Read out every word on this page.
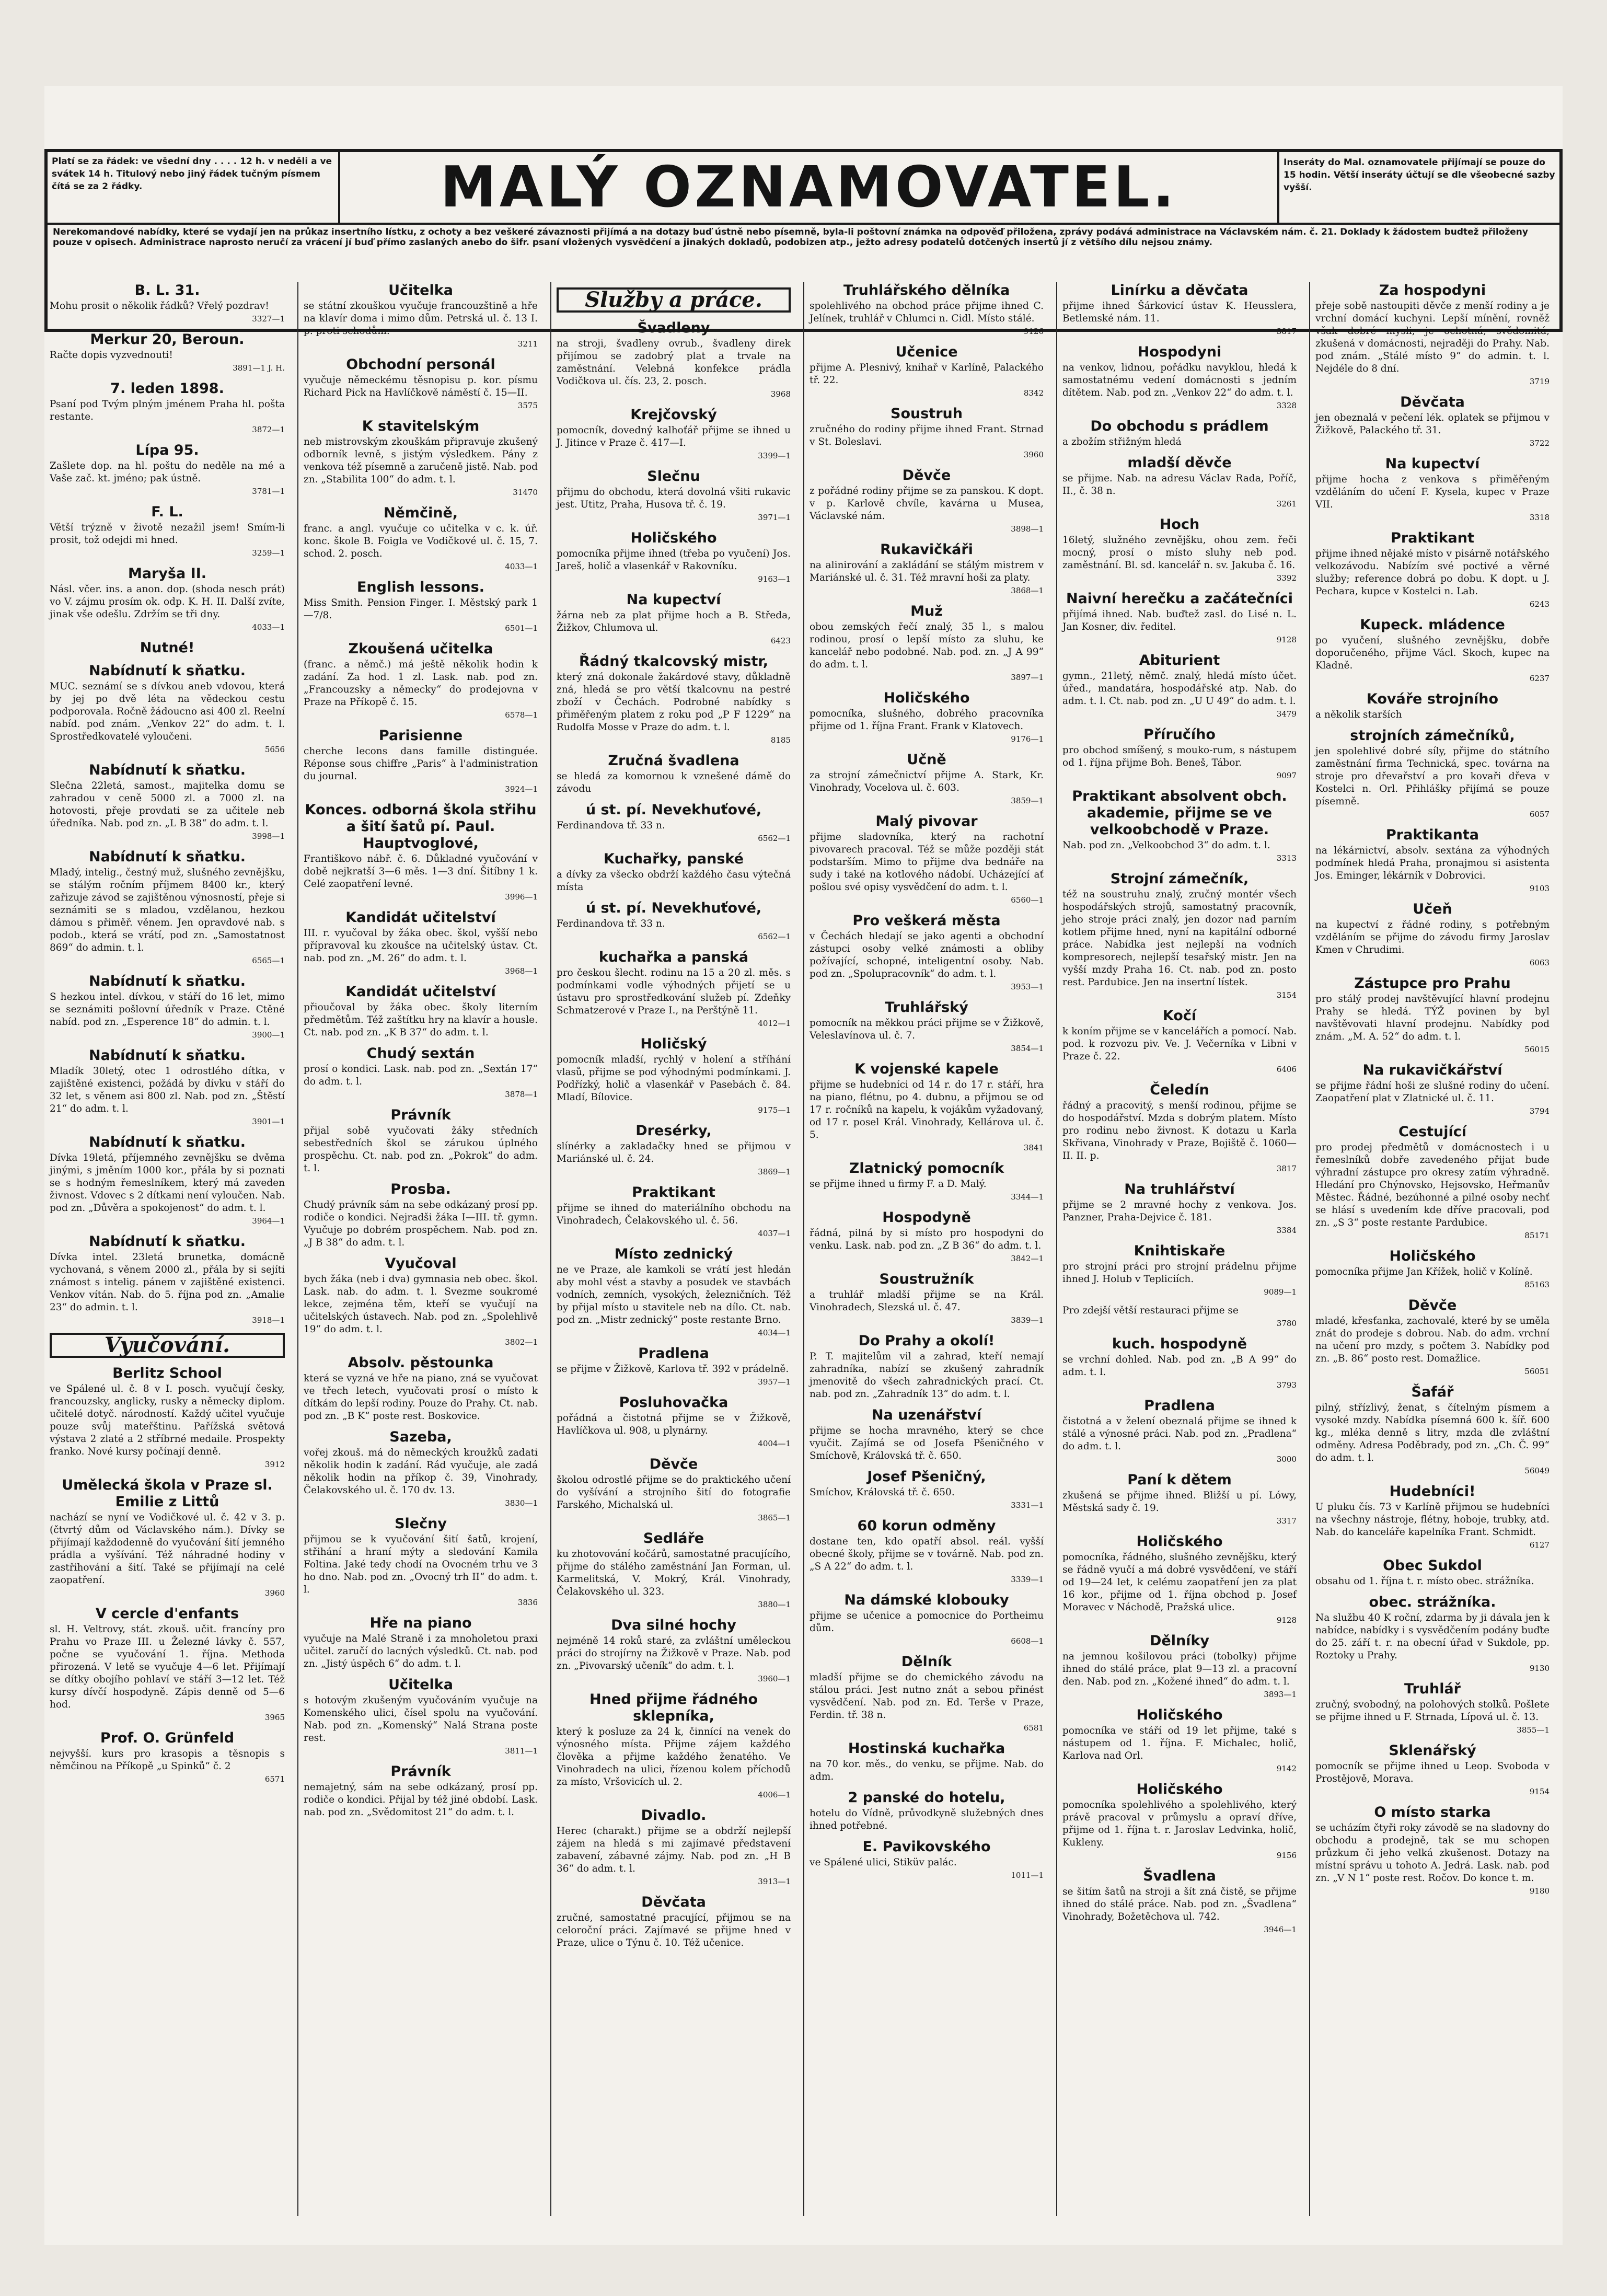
Platí se za řádek: ve všední dny . . . . 12 h. v neděli a ve svátek 14 h. Titulový nebo jiný řádek tučným písmem čítá se za 2 řádky.	MALÝ OZNAMOVATEL.	Inseráty do Mal. oznamovatele přijímají se pouze do 15 hodin. Větší inseráty účtují se dle všeobecné sazby vyšší.
Nerekomandové nabídky, které se vydají jen na průkaz insertního lístku, z ochoty a bez veškeré závaznosti přijímá a na dotazy buď ústně nebo písemně, byla-li poštovní známka na odpověď přiložena, zprávy podává administrace na Václavském nám. č. 21. Doklady k žádostem budtež přiloženy pouze v opisech. Administrace naprosto neručí za vrácení jí buď přímo zaslaných anebo do šifr. psaní vložených vysvědčení a jinakých dokladů, podobizen atp., ježto adresy podatelů dotčených insertů jí z většího dílu nejsou známy.
B. L. 31.
Mohu prosit o několik řádků? Vřelý pozdrav!
3327—1
Merkur 20, Beroun.
Račte dopis vyzvednouti!
3891—1 J. H.
7. leden 1898.
Psaní pod Tvým plným jménem Praha hl. pošta restante.
3872—1
Lípa 95.
Zašlete dop. na hl. poštu do neděle na mé a Vaše zač. kt. jméno; pak ústně.
3781—1
F. L.
Větší trýzně v životě nezažil jsem! Smím-li prosit, tož odejdi mi hned.
3259—1
Maryša II.
Násl. včer. ins. a anon. dop. (shoda nesch prát) vo V. zájmu prosím ok. odp. K. H. II. Další zvíte, jinak vše odešlu. Zdržím se tři dny.
4033—1
Nutné!
Nabídnutí k sňatku.
MUC. seznámí se s dívkou aneb vdovou, která by jej po dvě léta na vědeckou cestu podporovala. Ročně žádoucno asi 400 zl. Reelní nabíd. pod znám. „Venkov 22“ do adm. t. l. Sprostředkovatelé vyloučeni.
5656
Nabídnutí k sňatku.
Slečna 22letá, samost., majitelka domu se zahradou v ceně 5000 zl. a 7000 zl. na hotovosti, přeje provdati se za učitele neb úředníka. Nab. pod zn. „L B 38“ do adm. t. l.
3998—1
Nabídnutí k sňatku.
Mladý, intelig., čestný muž, slušného zevnějšku, se stálým ročním příjmem 8400 kr., který zařizuje závod se zajištěnou výnosností, přeje si seznámiti se s mladou, vzdělanou, hezkou dámou s přiměř. věnem. Jen opravdové nab. s podob., která se vrátí, pod zn. „Samostatnost 869“ do admin. t. l.
6565—1
Nabídnutí k sňatku.
S hezkou intel. dívkou, v stáří do 16 let, mimo se seznámiti pošlovní úředník v Praze. Ctěné nabíd. pod zn. „Esperence 18“ do admin. t. l.
3900—1
Nabídnutí k sňatku.
Mladík 30letý, otec 1 odrostlého dítka, v zajištěné existenci, požádá by dívku v stáří do 32 let, s věnem asi 800 zl. Nab. pod zn. „Štěstí 21“ do adm. t. l.
3901—1
Nabídnutí k sňatku.
Dívka 19letá, příjemného zevnějšku se dvěma jinými, s jměním 1000 kor., přála by si poznati se s hodným řemeslníkem, který má zaveden živnost. Vdovec s 2 dítkami není vyloučen. Nab. pod zn. „Důvěra a spokojenost“ do adm. t. l.
3964—1
Nabídnutí k sňatku.
Dívka intel. 23letá brunetka, domácně vychovaná, s věnem 2000 zl., přála by si sejíti známost s intelig. pánem v zajištěné existenci. Venkov vítán. Nab. do 5. října pod zn. „Amalie 23“ do admin. t. l.
3918—1
Vyučování.
Berlitz School
ve Spálené ul. č. 8 v I. posch. vyučují česky, francouzsky, anglicky, rusky a německy diplom. učitelé dotyč. národností. Každý učitel vyučuje pouze svůj mateřštinu. Pařížská světová výstava 2 zlaté a 2 stříbrné medaile. Prospekty franko. Nové kursy počínají denně.
3912
Umělecká škola v Praze sl. Emilie z Littů
nachází se nyní ve Vodičkové ul. č. 42 v 3. p. (čtvrtý dům od Václavského nám.). Dívky se přijímají každodenně do vyučování šití jemného prádla a vyšívání. Též náhradné hodiny v zastřihování a šití. Také se přijímají na celé zaopatření.
3960
V cercle d'enfants
sl. H. Veltrovy, stát. zkouš. učit. francíny pro Prahu vo Praze III. u Železné lávky č. 557, počne se vyučování 1. října. Methoda přirozená. V letě se vyučuje 4—6 let. Přijímají se dítky obojího pohlaví ve stáří 3—12 let. Též kursy dívčí hospodyně. Zápis denně od 5—6 hod.
3965
Prof. O. Grünfeld
nejvyšší. kurs pro krasopis a těsnopis s němčinou na Příkopě „u Spinků“ č. 2
6571
Učitelka
se státní zkouškou vyučuje francouzštině a hře na klavír doma i mimo dům. Petrská ul. č. 13 I. p. proti schodům.
3211
Obchodní personál
vyučuje německému těsnopisu p. kor. písmu Richard Pick na Havlíčkově náměstí č. 15—II.
3575
K stavitelským
neb mistrovským zkouškám připravuje zkušený odborník levně, s jistým výsledkem. Pány z venkova též písemně a zaručeně jistě. Nab. pod zn. „Stabilita 100“ do adm. t. l.
31470
Němčině,
franc. a angl. vyučuje co učitelka v c. k. úř. konc. škole B. Foigla ve Vodičkové ul. č. 15, 7. schod. 2. posch.
4033—1
English lessons.
Miss Smith. Pension Finger. I. Městský park 1—7/8.
6501—1
Zkoušená učitelka
(franc. a němč.) má ještě několik hodin k zadání. Za hod. 1 zl. Lask. nab. pod zn. „Francouzsky a německy“ do prodejovna v Praze na Příkopě č. 15.
6578—1
Parisienne
cherche lecons dans famille distinguée. Réponse sous chiffre „Paris“ à l'administration du journal.
3924—1
Konces. odborná škola střihu a šití šatů pí. Paul. Hauptvoglové,
Františkovo nábř. č. 6. Důkladné vyučování v době nejkratší 3—6 měs. 1—3 dní. Šitíbny 1 k. Celé zaopatření levné.
3996—1
Kandidát učitelství
III. r. vyučoval by žáka obec. škol, vyšší nebo přípravoval ku zkoušce na učitelský ústav. Ct. nab. pod zn. „M. 26“ do adm. t. l.
3968—1
Kandidát učitelství
přioučoval by žáka obec. školy literním předmětům. Též zaštítku hry na klavír a housle. Ct. nab. pod zn. „K B 37“ do adm. t. l.
Chudý sextán
prosí o kondici. Lask. nab. pod zn. „Sextán 17“ do adm. t. l.
3878—1
Právník
přijal sobě vyučovati žáky středních sebestředních škol se zárukou úplného prospěchu. Ct. nab. pod zn. „Pokrok“ do adm. t. l.
Prosba.
Chudý právník sám na sebe odkázaný prosí pp. rodiče o kondici. Nejradši žáka I—III. tř. gymn. Vyučuje po dobrém prospěchem. Nab. pod zn. „J B 38“ do adm. t. l.
Vyučoval
bych žáka (neb i dva) gymnasia neb obec. škol. Lask. nab. do adm. t. l. Svezme soukromé lekce, zejména těm, kteří se vyučují na učitelských ústavech. Nab. pod zn. „Spolehlivě 19“ do adm. t. l.
3802—1
Absolv. pěstounka
která se vyzná ve hře na piano, zná se vyučovat ve třech letech, vyučovati prosí o místo k dítkám do lepší rodiny. Pouze do Prahy. Ct. nab. pod zn. „B K“ poste rest. Boskovice.
Sazeba,
vořej zkouš. má do německých kroužků zadati několik hodin k zadání. Rád vyučuje, ale zadá několik hodin na příkop č. 39, Vinohrady, Čelakovského ul. č. 170 dv. 13.
3830—1
Slečny
přijmou se k vyučování šití šatů, krojení, střihání a hraní mýty a sledování Kamila Foltina. Jaké tedy chodí na Ovocném trhu ve 3 ho dno. Nab. pod zn. „Ovocný trh II“ do adm. t. l.
3836
Hře na piano
vyučuje na Malé Straně i za mnoholetou praxi učitel. zaručí do lacných výsledků. Ct. nab. pod zn. „Jistý úspěch 6“ do adm. t. l.
Učitelka
s hotovým zkušeným vyučováním vyučuje na Komenského ulici, čísel spolu na vyučování. Nab. pod zn. „Komenský“ Nalá Strana poste rest.
3811—1
Právník
nemajetný, sám na sebe odkázaný, prosí pp. rodiče o kondici. Přijal by též jiné období. Lask. nab. pod zn. „Svědomitost 21“ do adm. t. l.
Služby a práce.
Švadleny
na stroji, švadleny ovrub., švadleny direk přijímou se zadobrý plat a trvale na zaměstnání. Velebná konfekce prádla Vodičkova ul. čís. 23, 2. posch.
3968
Krejčovský
pomocník, dovedný kalhoťář přijme se ihned u J. Jitince v Praze č. 417—I.
3399—1
Slečnu
přijmu do obchodu, která dovolná všiti rukavic jest. Utitz, Praha, Husova tř. č. 19.
3971—1
Holičského
pomocníka přijme ihned (třeba po vyučení) Jos. Jareš, holič a vlasenkář v Rakovníku.
9163—1
Na kupectví
žárna neb za plat přijme hoch a B. Středa, Žižkov, Chlumova ul.
6423
Řádný tkalcovský mistr,
který zná dokonale žakárdové stavy, důkladně zná, hledá se pro větší tkalcovnu na pestré zboží v Čechách. Podrobné nabídky s přiměřeným platem z roku pod „P F 1229“ na Rudolfa Mosse v Praze do adm. t. l.
8185
Zručná švadlena
se hledá za komornou k vznešené dámě do závodu
ú st. pí. Nevekhuťové,
Ferdinandova tř. 33 n.
6562—1
Kuchařky, panské
a dívky za všecko obdrží každého času výtečná místa
ú st. pí. Nevekhuťové,
Ferdinandova tř. 33 n.
6562—1
kuchařka a panská
pro českou šlecht. rodinu na 15 a 20 zl. měs. s podmínkami vodle výhodných přijetí se u ústavu pro sprostředkování služeb pí. Zdeňky Schmatzerové v Praze I., na Perštýně 11.
4012—1
Holičský
pomocník mladší, rychlý v holení a stříhání vlasů, přijme se pod výhodnými podmínkami. J. Podřízký, holič a vlasenkář v Pasebách č. 84. Mladí, Bílovice.
9175—1
Dresérky,
slínérky a zakladačky hned se přijmou v Mariánské ul. č. 24.
3869—1
Praktikant
přijme se ihned do materiálního obchodu na Vinohradech, Čelakovského ul. č. 56.
4037—1
Místo zednický
ne ve Praze, ale kamkoli se vrátí jest hledán aby mohl vést a stavby a posudek ve stavbách vodních, zemních, vysokých, železničních. Též by přijal místo u stavitele neb na dílo. Ct. nab. pod zn. „Mistr zednický“ poste restante Brno.
4034—1
Pradlena
se přijme v Žižkově, Karlova tř. 392 v prádelně.
3957—1
Posluhovačka
pořádná a čistotná přijme se v Žižkově, Havlíčkova ul. 908, u plynárny.
4004—1
Děvče
školou odrostlé přijme se do praktického učení do vyšívání a strojního šití do fotografie Farského, Michalská ul.
3865—1
Sedláře
ku zhotovování kočárů, samostatné pracujícího, přijme do stálého zaměstnání Jan Forman, ul. Karmelitská, V. Mokrý, Král. Vinohrady, Čelakovského ul. 323.
3880—1
Dva silné hochy
nejméně 14 roků staré, za zvláštní uměleckou práci do strojírny na Žižkově v Praze. Nab. pod zn. „Pivovarský učeník“ do adm. t. l.
3960—1
Hned přijme řádného sklepníka,
který k posluze za 24 k, činnící na venek do výnosného místa. Přijme zájem každého člověka a přijme každého ženatého. Ve Vinohradech na ulici, řízenou kolem příchodů za místo, Vršovicích ul. 2.
4006—1
Divadlo.
Herec (charakt.) přijme se a obdrží nejlepší zájem na hledá s mi zajímavé představení zabavení, zábavné zájmy. Nab. pod zn. „H B 36“ do adm. t. l.
3913—1
Děvčata
zručné, samostatné pracující, přijmou se na celoroční práci. Zajímavé se přijme hned v Praze, ulice o Týnu č. 10. Též učenice.
Truhlářského dělníka
spolehlivého na obchod práce přijme ihned C. Jelínek, truhlář v Chlumci n. Cidl. Místo stálé.
9126
Učenice
přijme A. Plesnivý, knihař v Karlíně, Palackého tř. 22.
8342
Soustruh
zručného do rodiny přijme ihned Frant. Strnad v St. Boleslavi.
3960
Děvče
z pořádné rodiny přijme se za panskou. K dopt. v p. Karlově chvíle, kavárna u Musea, Václavské nám.
3898—1
Rukavičkáři
na alinirování a zakládání se stálým mistrem v Mariánské ul. č. 31. Též mravní hoši za platy.
3868—1
Muž
obou zemských řečí znalý, 35 l., s malou rodinou, prosí o lepší místo za sluhu, ke kancelář nebo podobné. Nab. pod. zn. „J A 99“ do adm. t. l.
3897—1
Holičského
pomocníka, slušného, dobrého pracovníka přijme od 1. října Frant. Frank v Klatovech.
9176—1
Učně
za strojní zámečnictví přijme A. Stark, Kr. Vinohrady, Vocelova ul. č. 603.
3859—1
Malý pivovar
přijme sladovníka, který na rachotní pivovarech pracoval. Též se může později stát podstarším. Mimo to přijme dva bednáře na sudy i také na kotlového nádobí. Ucházející ať pošlou své opisy vysvědčení do adm. t. l.
6560—1
Pro veškerá města
v Čechách hledají se jako agenti a obchodní zástupci osoby velké známosti a obliby požívající, schopné, inteligentní osoby. Nab. pod zn. „Spolupracovník“ do adm. t. l.
3953—1
Truhlářský
pomocník na měkkou práci přijme se v Žižkově, Veleslavínova ul. č. 7.
3854—1
K vojenské kapele
přijme se hudebníci od 14 r. do 17 r. stáří, hra na piano, flétnu, po 4. dubnu, a přijmou se od 17 r. ročníků na kapelu, k vojákům vyžadovaný, od 17 r. posel Král. Vinohrady, Kellárova ul. č. 5.
3841
Zlatnický pomocník
se přijme ihned u firmy F. a D. Malý.
3344—1
Hospodyně
řádná, pilná by si místo pro hospodyni do venku. Lask. nab. pod zn. „Z B 36“ do adm. t. l.
3842—1
Soustružník
a truhlář mladší přijme se na Král. Vinohradech, Slezská ul. č. 47.
3839—1
Do Prahy a okolí!
P. T. majitelům vil a zahrad, kteří nemají zahradníka, nabízí se zkušený zahradník jmenovitě do všech zahradnických prací. Ct. nab. pod zn. „Zahradník 13“ do adm. t. l.
Na uzenářství
přijme se hocha mravného, který se chce vyučit. Zajímá se od Josefa Pšeničného v Smíchově, Královská tř. č. 650.
Josef Pšeničný,
Smíchov, Královská tř. č. 650.
3331—1
60 korun odměny
dostane ten, kdo opatří absol. reál. vyšší obecné školy, přijme se v továrně. Nab. pod zn. „S A 22“ do adm. t. l.
3339—1
Na dámské klobouky
přijme se učenice a pomocnice do Portheimu dům.
6608—1
Dělník
mladší přijme se do chemického závodu na stálou práci. Jest nutno znát a sebou přinést vysvědčení. Nab. pod zn. Ed. Terše v Praze, Ferdin. tř. 38 n.
6581
Hostinská kuchařka
na 70 kor. měs., do venku, se přijme. Nab. do adm.
2 panské do hotelu,
hotelu do Vídně, průvodkyně služebných dnes ihned potřebné.
E. Pavikovského
ve Spálené ulici, Stiküv palác.
1011—1
Linírku a děvčata
přijme ihned Šárkovicí ústav K. Heusslera, Betlemské nám. 11.
3817
Hospodyni
na venkov, lidnou, pořádku navyklou, hledá k samostatnému vedení domácnosti s jedním dítětem. Nab. pod zn. „Venkov 22“ do adm. t. l.
3328
Do obchodu s prádlem
a zbožím střižným hledá
mladší děvče
se přijme. Nab. na adresu Václav Rada, Poříč, II., č. 38 n.
3261
Hoch
16letý, služného zevnějšku, ohou zem. řeči mocný, prosí o místo sluhy neb pod. zaměstnání. Bl. sd. kancelář n. sv. Jakuba č. 16.
3392
Naivní herečku a začátečníci
přijímá ihned. Nab. buďtež zasl. do Lisé n. L. Jan Kosner, div. ředitel.
9128
Abiturient
gymn., 21letý, němč. znalý, hledá místo účet. úřed., mandatára, hospodářské atp. Nab. do adm. t. l. Ct. nab. pod zn. „U U 49“ do adm. t. l.
3479
Příručího
pro obchod smíšený, s mouko-rum, s nástupem od 1. října přijme Boh. Beneš, Tábor.
9097
Praktikant absolvent obch. akademie, přijme se ve velkoobchodě v Praze.
Nab. pod zn. „Velkoobchod 3“ do adm. t. l.
3313
Strojní zámečník,
též na soustruhu znalý, zručný montér všech hospodářských strojů, samostatný pracovník, jeho stroje práci znalý, jen dozor nad parním kotlem přijme hned, nyní na kapitální odborné práce. Nabídka jest nejlepší na vodních kompresorech, nejlepší tesařský mistr. Jen na vyšší mzdy Praha 16. Ct. nab. pod zn. posto rest. Pardubice. Jen na insertní lístek.
3154
Kočí
k koním přijme se v kancelářích a pomocí. Nab. pod. k rozvozu piv. Ve. J. Večerníka v Libni v Praze č. 22.
6406
Čeledín
řádný a pracovitý, s menší rodinou, přijme se do hospodářství. Mzda s dobrým platem. Místo pro rodinu nebo živnost. K dotazu u Karla Skřivana, Vinohrady v Praze, Bojiště č. 1060—II. II. p.
3817
Na truhlářství
přijme se 2 mravné hochy z venkova. Jos. Panzner, Praha-Dejvice č. 181.
3384
Knihtiskaře
pro strojní práci pro strojní prádelnu přijme ihned J. Holub v Tepliciích.
9089—1
Pro zdejší větší restauraci přijme se
3780
kuch. hospodyně
se vrchní dohled. Nab. pod zn. „B A 99“ do adm. t. l.
3793
Pradlena
čistotná a v želení obeznalá přijme se ihned k stálé a výnosné práci. Nab. pod zn. „Pradlena“ do adm. t. l.
3000
Paní k dětem
zkušená se přijme ihned. Bližší u pí. Lówy, Městská sady č. 19.
3317
Holičského
pomocníka, řádného, slušného zevnějšku, který se řádně vyučí a má dobré vysvědčení, ve stáří od 19—24 let, k celému zaopatření jen za plat 16 kor., přijme od 1. října obchod p. Josef Moravec v Náchodě, Pražská ulice.
9128
Dělníky
na jemnou košilovou práci (tobolky) přijme ihned do stálé práce, plat 9—13 zl. a pracovní den. Nab. pod zn. „Kožené ihned“ do adm. t. l.
3893—1
Holičského
pomocníka ve stáří od 19 let přijme, také s nástupem od 1. října. F. Michalec, holič, Karlova nad Orl.
9142
Holičského
pomocníka spolehlivého a spolehlivého, který právě pracoval v průmyslu a opraví dříve, přijme od 1. října t. r. Jaroslav Ledvinka, holič, Kukleny.
9156
Švadlena
se šitím šatů na stroji a šít zná čistě, se přijme ihned do stálé práce. Nab. pod zn. „Švadlena“ Vinohrady, Božetěchova ul. 742.
3946—1
Za hospodyni
přeje sobě nastoupiti děvče z menší rodiny a je vrchní domácí kuchyni. Lepší mínění, rovněž však dobré mysli, je ochotná, svědomitá, zkušená v domácnosti, nejraději do Prahy. Nab. pod znám. „Stálé místo 9“ do admin. t. l. Nejdéle do 8 dní.
3719
Děvčata
jen obeznalá v pečení lék. oplatek se přijmou v Žižkově, Palackého tř. 31.
3722
Na kupectví
přijme hocha z venkova s přiměřeným vzděláním do učení F. Kysela, kupec v Praze VII.
3318
Praktikant
přijme ihned nějaké místo v pisárně notářského velkozávodu. Nabízím své poctivé a věrné služby; reference dobrá po dobu. K dopt. u J. Pechara, kupce v Kostelci n. Lab.
6243
Kupeck. mládence
po vyučení, slušného zevnějšku, dobře doporučeného, přijme Václ. Skoch, kupec na Kladně.
6237
Kováře strojního
a několik starších
strojních zámečníků,
jen spolehlivé dobré síly, přijme do státního zaměstnání firma Technická, spec. továrna na stroje pro dřevařství a pro kovaři dřeva v Kostelci n. Orl. Přihlášky přijímá se pouze písemně.
6057
Praktikanta
na lékárnictví, absolv. sextána za výhodných podmínek hledá Praha, pronajmou si asistenta Jos. Eminger, lékárník v Dobrovici.
9103
Učeň
na kupectví z řádné rodiny, s potřebným vzděláním se přijme do závodu firmy Jaroslav Kmen v Chrudimi.
6063
Zástupce pro Prahu
pro stálý prodej navštěvující hlavní prodejnu Prahy se hledá. TÝŽ povinen by byl navštěvovati hlavní prodejnu. Nabídky pod znám. „M. A. 52“ do adm. t. l.
56015
Na rukavičkářství
se přijme řádní hoši ze slušné rodiny do učení. Zaopatření plat v Zlatnické ul. č. 11.
3794
Cestující
pro prodej předmětů v domácnostech i u řemeslníků dobře zavedeného přijat bude výhradní zástupce pro okresy zatím výhradně. Hledání pro Chýnovsko, Hejsovsko, Heřmanův Městec. Řádné, bezúhonné a pilné osoby nechť se hlásí s uvedením kde dříve pracovali, pod zn. „S 3“ poste restante Pardubice.
85171
Holičského
pomocníka přijme Jan Křížek, holič v Kolíně.
85163
Děvče
mladé, křesťanka, zachovalé, které by se uměla znát do prodeje s dobrou. Nab. do adm. vrchní na učení pro mzdy, s počtem 3. Nabídky pod zn. „B. 86“ posto rest. Domažlice.
56051
Šafář
pilný, střízlivý, ženat, s čítelným písmem a vysoké mzdy. Nabídka písemná 600 k. šíř. 600 kg., mléka denně s litry, mzda dle zvláštní odměny. Adresa Poděbrady, pod zn. „Ch. Č. 99“ do adm. t. l.
56049
Hudebníci!
U pluku čís. 73 v Karlíně přijmou se hudebníci na všechny nástroje, flétny, hoboje, trubky, atd. Nab. do kanceláře kapelníka Frant. Schmidt.
6127
Obec Sukdol
obsahu od 1. října t. r. místo obec. strážníka.
obec. strážníka.
Na službu 40 K roční, zdarma by ji dávala jen k nabídce, nabídky i s vysvědčením podány buďte do 25. září t. r. na obecní úřad v Sukdole, pp. Roztoky u Prahy.
9130
Truhlář
zručný, svobodný, na polohových stolků. Pošlete se přijme ihned u F. Strnada, Lípová ul. č. 13.
3855—1
Sklenářský
pomocník se přijme ihned u Leop. Svoboda v Prostějově, Morava.
9154
O místo starka
se ucházím čtyři roky závodě se na sladovny do obchodu a prodejně, tak se mu schopen průzkum či jeho velká zkušenost. Dotazy na místní správu u tohoto A. Jedrá. Lask. nab. pod zn. „V N 1“ poste rest. Ročov. Do konce t. m.
9180
